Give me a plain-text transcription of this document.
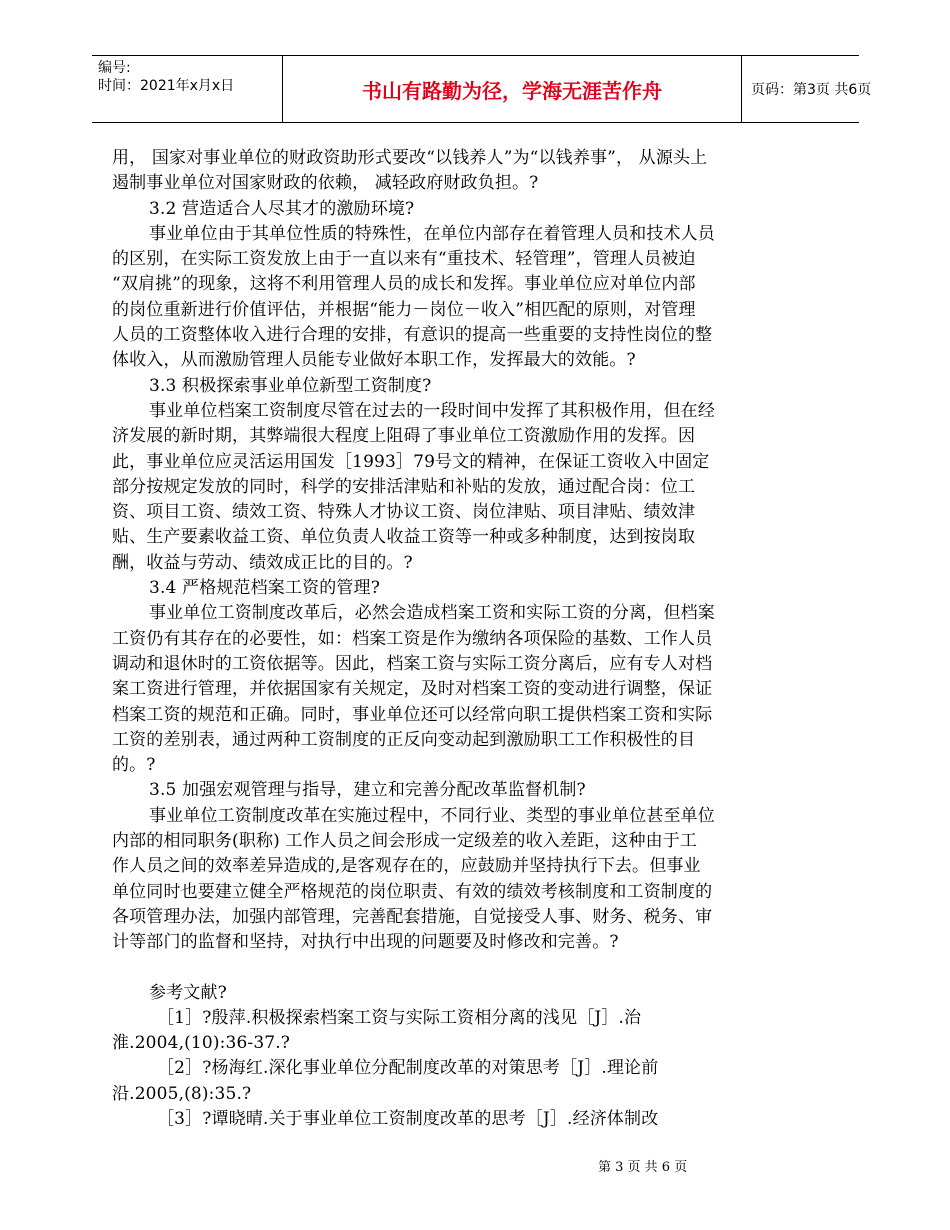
编号:
时间：2021年x月x日	书山有路勤为径，学海无涯苦作舟	页码：第3页 共6页
用， 国家对事业单位的财政资助形式要改“以钱养人”为“以钱养事”， 从源头上
遏制事业单位对国家财政的依赖， 减轻政府财政负担。?
3.2 营造适合人尽其才的激励环境?
事业单位由于其单位性质的特殊性，在单位内部存在着管理人员和技术人员
的区别，在实际工资发放上由于一直以来有“重技术、轻管理”，管理人员被迫
“双肩挑”的现象，这将不利用管理人员的成长和发挥。事业单位应对单位内部
的岗位重新进行价值评估，并根据“能力－岗位－收入”相匹配的原则，对管理
人员的工资整体收入进行合理的安排，有意识的提高一些重要的支持性岗位的整
体收入，从而激励管理人员能专业做好本职工作，发挥最大的效能。?
3.3 积极探索事业单位新型工资制度?
事业单位档案工资制度尽管在过去的一段时间中发挥了其积极作用，但在经
济发展的新时期，其弊端很大程度上阻碍了事业单位工资激励作用的发挥。因
此，事业单位应灵活运用国发［1993］79号文的精神，在保证工资收入中固定
部分按规定发放的同时，科学的安排活津贴和补贴的发放，通过配合岗：位工
资、项目工资、绩效工资、特殊人才协议工资、岗位津贴、项目津贴、绩效津
贴、生产要素收益工资、单位负责人收益工资等一种或多种制度，达到按岗取
酬，收益与劳动、绩效成正比的目的。?
3.4 严格规范档案工资的管理?
事业单位工资制度改革后，必然会造成档案工资和实际工资的分离，但档案
工资仍有其存在的必要性，如：档案工资是作为缴纳各项保险的基数、工作人员
调动和退休时的工资依据等。因此，档案工资与实际工资分离后，应有专人对档
案工资进行管理，并依据国家有关规定，及时对档案工资的变动进行调整，保证
档案工资的规范和正确。同时，事业单位还可以经常向职工提供档案工资和实际
工资的差别表，通过两种工资制度的正反向变动起到激励职工工作积极性的目
的。?
3.5 加强宏观管理与指导，建立和完善分配改革监督机制?
事业单位工资制度改革在实施过程中，不同行业、类型的事业单位甚至单位
内部的相同职务(职称) 工作人员之间会形成一定级差的收入差距，这种由于工
作人员之间的效率差异造成的,是客观存在的，应鼓励并坚持执行下去。但事业
单位同时也要建立健全严格规范的岗位职责、有效的绩效考核制度和工资制度的
各项管理办法，加强内部管理，完善配套措施，自觉接受人事、财务、税务、审
计等部门的监督和坚持，对执行中出现的问题要及时修改和完善。?
参考文献?
［1］?殷萍.积极探索档案工资与实际工资相分离的浅见［J］.治
淮.2004,(10):36-37.?
［2］?杨海红.深化事业单位分配制度改革的对策思考［J］.理论前
沿.2005,(8):35.?
［3］?谭晓晴.关于事业单位工资制度改革的思考［J］.经济体制改
第 3 页 共 6 页
